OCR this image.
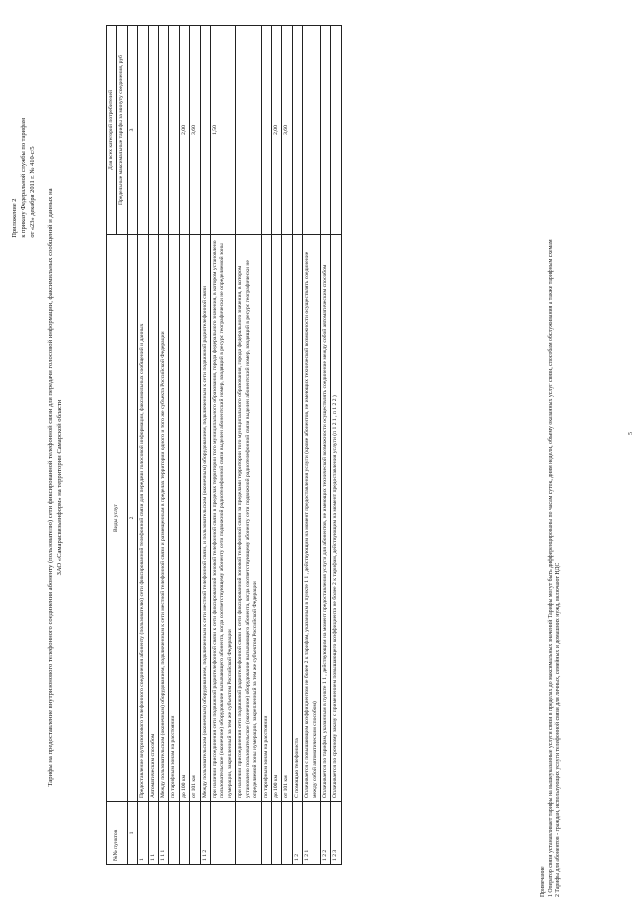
Приложение 2 к приказу Федеральной службы по тарифам от «23» декабря 2011 г. № 410-с/5 Тарифы на предоставление внутризонового телефонного соединения абоненту (пользователю) сети фиксированной телефонной связи для передачи голосовой информации, факсимильных сообщений и данных на ЗАО «Самарасвязьинформ» на территории Самарской области
№№ пунктов	Виды услуг	Для всех категорий потребителей
		Предельные максимальные тарифы за минуту соединения, руб
1	2	3
1	Предоставление внутризонового телефонного соединения абоненту (пользователю) сети фиксированной телефонной связи для передачи голосовой информации, факсимильных сообщений и данных	
1 1	Автоматическим способом	
1 1 1	Между пользовательским (оконечным) оборудованием, подключенным к сети местной телефонной связи и размещенным в пределах территории одного и того же субъекта Российской Федерации	
	по тарифным зонам на расстоянии	
	до 100 км	2,00
	от 101 км	3,60
1 1 2	Между пользовательским (оконечным) оборудованием, подключенным к сети местной телефонной связи, и пользовательским (оконечным) оборудованием, подключенным к сети подвижной радиотелефонной связи	
	при наличии присоединения сети подвижной радиотелефонной связи к сети фиксированной зоновой телефонной связи в пределах территории того муниципального образования, города федерального значения, в котором установлено пользовательское (оконечное) оборудование вызывающего абонента, когда соответствующему абоненту сети подвижной радиотелефонной связи выделен абонентский номер, входящий в ресурс географически не определяемой зоны нумерации, закрепленный за тем же субъектом Российской Федерации	1,50
	при наличии присоединения сети подвижной радиотелефонной связи к сети фиксированной зоновой телефонной связи за пределами территории того муниципального образования, города федерального значения, в котором установлено пользовательское (оконечное) оборудование вызывающего абонента, когда соответствующему абоненту сети подвижной радиотелефонной связи выделен абонентский номер, входящий в ресурс географически не определяемой зоны нумерации, закрепленный за тем же субъектом Российской Федерации	
	по тарифным зонам на расстоянии	
	до 100 км	2,00
	от 101 км	3,60
1 2	С помощью телефониста	
1 2 1	Оплачивается с повышающим коэффициентом не более 2 к тарифам, указанным в пункте 1 1 , действующим на момент предоставления услуги (кроме абонентов, не имеющих технической возможности осуществлять соединение между собой автоматическим способом)	
1 2 2	Оплачивается по тарифам, указанным в пункте 1 1 , действующим на момент предоставления услуги для абонентов, не имеющих технической возможности осуществлять соединение между собой автоматическим способом	
1 2 3	Оплачивается по срочному заказу с применением повышающего коэффициента не более 2 к тарифам, действующим на момент предоставления услуги (п 1 2 1 , п 1 2 2 )	
Примечание 1 Оператор связи устанавливает тарифы на вышеуказанные услуги связи в пределах до максимальных значений Тарифы могут быть дифференцированы по часам суток, дням недели, объему оказанных услуг связи, способам обслуживания а также тарифным схемам 2 Тарифы для абонентов - граждан, использующих услуги телефонной связи для личных, семейных и домашних нужд, включают НДС
5
